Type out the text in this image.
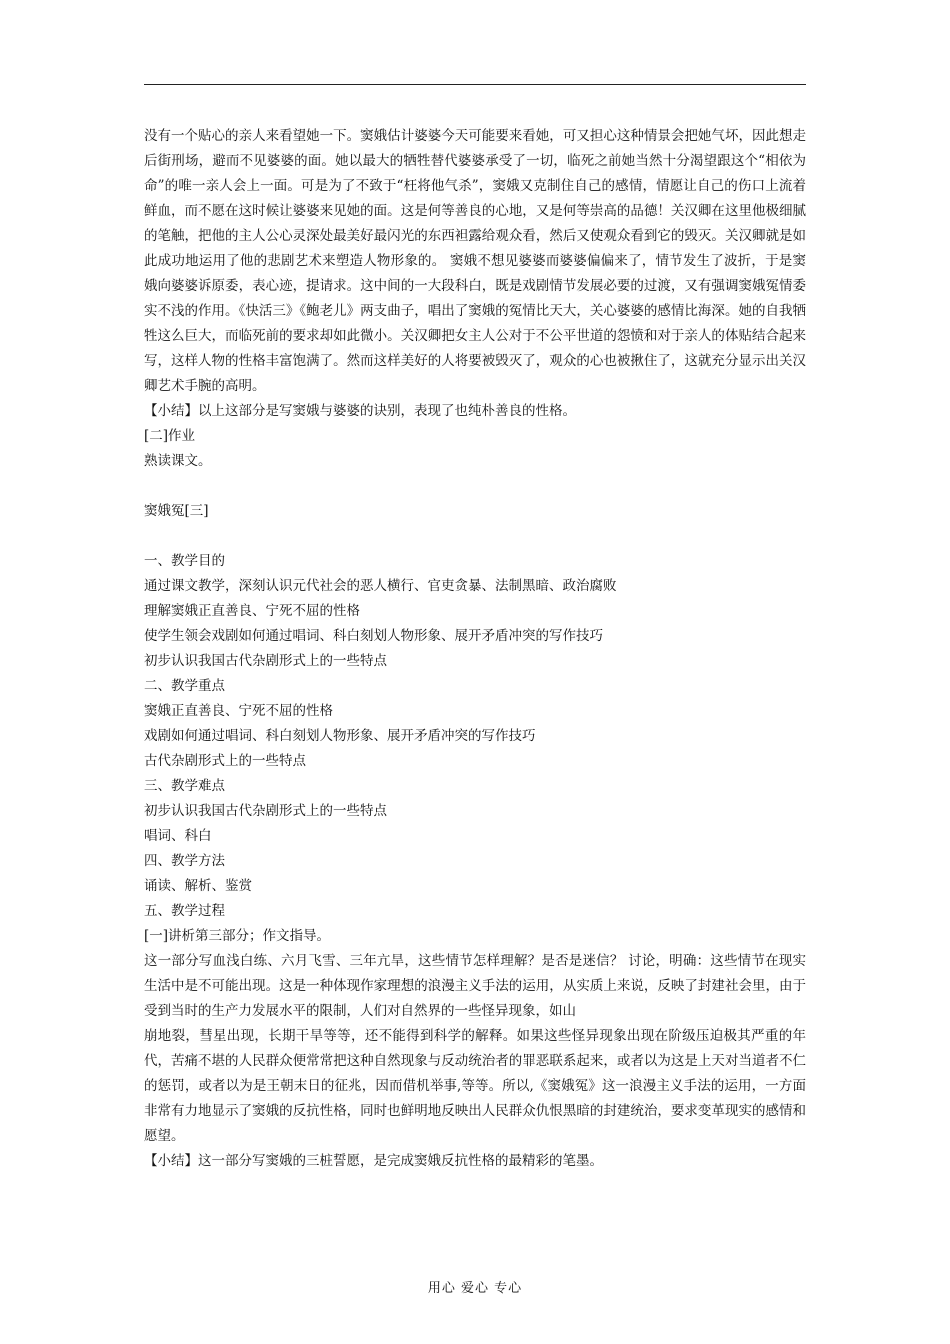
没有一个贴心的亲人来看望她一下。窦娥估计婆婆今天可能要来看她，可又担心这种情景会把她气坏，因此想走后街刑场，避而不见婆婆的面。她以最大的牺牲替代婆婆承受了一切，临死之前她当然十分渴望跟这个“相依为命”的唯一亲人会上一面。可是为了不致于“枉将他气杀”，窦娥又克制住自己的感情，情愿让自己的伤口上流着鲜血，而不愿在这时候让婆婆来见她的面。这是何等善良的心地，又是何等崇高的品德！关汉卿在这里他极细腻的笔触，把他的主人公心灵深处最美好最闪光的东西袒露给观众看，然后又使观众看到它的毁灭。关汉卿就是如此成功地运用了他的悲剧艺术来塑造人物形象的。 窦娥不想见婆婆而婆婆偏偏来了，情节发生了波折，于是窦娥向婆婆诉原委，表心迹，提请求。这中间的一大段科白，既是戏剧情节发展必要的过渡，又有强调窦娥冤情委实不浅的作用。《快活三》《鲍老儿》两支曲子，唱出了窦娥的冤情比天大，关心婆婆的感情比海深。她的自我牺牲这么巨大，而临死前的要求却如此微小。关汉卿把女主人公对于不公平世道的怨愤和对于亲人的体贴结合起来写，这样人物的性格丰富饱满了。然而这样美好的人将要被毁灭了，观众的心也被揪住了，这就充分显示出关汉卿艺术手腕的高明。

【小结】以上这部分是写窦娥与婆婆的诀别，表现了也纯朴善良的性格。

[二]作业

熟读课文。

窦娥冤[三]

一、教学目的

通过课文教学，深刻认识元代社会的恶人横行、官吏贪暴、法制黑暗、政治腐败

理解窦娥正直善良、宁死不屈的性格

使学生领会戏剧如何通过唱词、科白刻划人物形象、展开矛盾冲突的写作技巧

初步认识我国古代杂剧形式上的一些特点

二、教学重点

窦娥正直善良、宁死不屈的性格

戏剧如何通过唱词、科白刻划人物形象、展开矛盾冲突的写作技巧

古代杂剧形式上的一些特点

三、教学难点

初步认识我国古代杂剧形式上的一些特点

唱词、科白

四、教学方法

诵读、解析、鉴赏

五、教学过程

[一]讲析第三部分；作文指导。

这一部分写血浅白练、六月飞雪、三年亢旱，这些情节怎样理解？是否是迷信？ 讨论，明确：这些情节在现实生活中是不可能出现。这是一种体现作家理想的浪漫主义手法的运用，从实质上来说，反映了封建社会里，由于受到当时的生产力发展水平的限制，人们对自然界的一些怪异现象，如山

崩地裂，彗星出现，长期干旱等等，还不能得到科学的解释。如果这些怪异现象出现在阶级压迫极其严重的年代，苦痛不堪的人民群众便常常把这种自然现象与反动统治者的罪恶联系起来，或者以为这是上天对当道者不仁的惩罚，或者以为是王朝末日的征兆，因而借机举事,等等。所以,《窦娥冤》这一浪漫主义手法的运用，一方面非常有力地显示了窦娥的反抗性格，同时也鲜明地反映出人民群众仇恨黑暗的封建统治，要求变革现实的感情和愿望。

【小结】这一部分写窦娥的三桩誓愿，是完成窦娥反抗性格的最精彩的笔墨。

用心 爱心 专心
